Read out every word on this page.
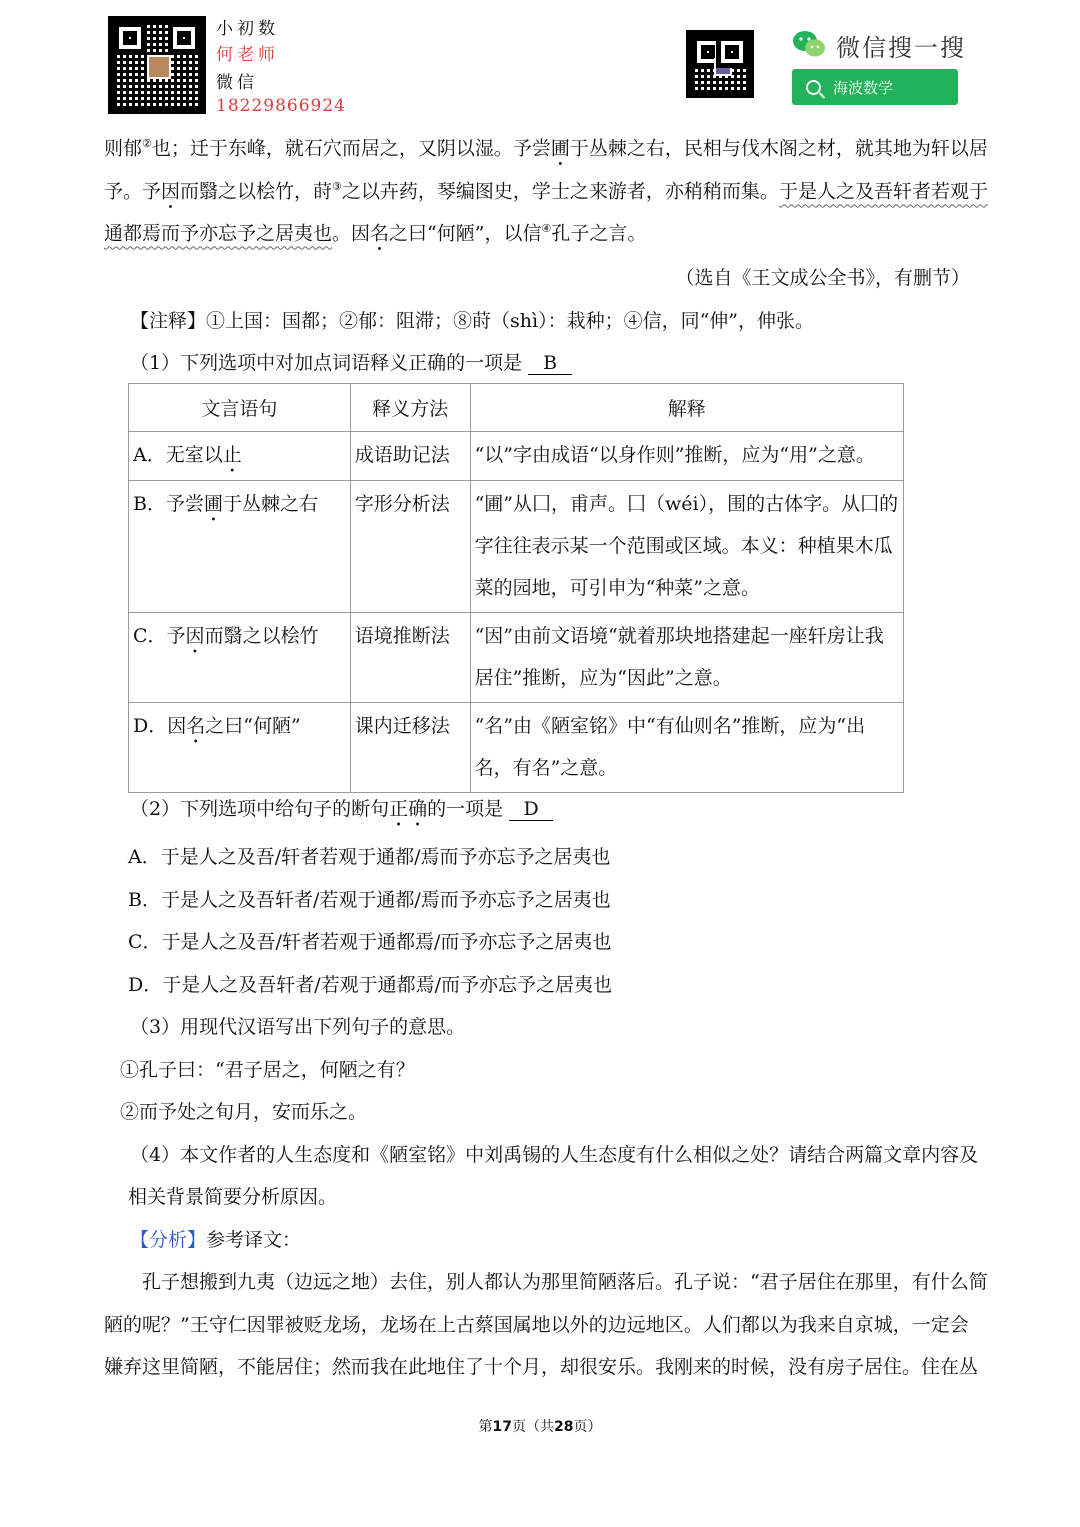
小初数
何老师
微信
18229866924
微信搜一搜
海波数学
则郁②也；迁于东峰，就石穴而居之，又阴以湿。予尝圃于丛棘之右，民相与伐木阁之材，就其地为轩以居
予。予因而翳之以桧竹，莳③之以卉药，琴编图史，学士之来游者，亦稍稍而集。于是人之及吾轩者若观于
通都焉而予亦忘予之居夷也。因名之曰“何陋”，以信④孔子之言。
（选自《王文成公全书》，有删节）
【注释】①上国：国都；②郁：阻滞；⑧莳（shì）：栽种；④信，同“伸”，伸张。
（1）下列选项中对加点词语释义正确的一项是 B
文言语句	释义方法	解释

A．无室以止	成语助记法	“以”字由成语“以身作则”推断，应为“用”之意。

B．予尝圃于丛棘之右	字形分析法	“圃”从囗，甫声。囗（wéi），围的古体字。从囗的字往往表示某一个范围或区域。本义：种植果木瓜菜的园地，可引申为“种菜”之意。

C．予因而翳之以桧竹	语境推断法	“因”由前文语境“就着那块地搭建起一座轩房让我居住”推断，应为“因此”之意。

D．因名之曰“何陋”	课内迁移法	“名”由《陋室铭》中“有仙则名”推断，应为“出名，有名”之意。
（2）下列选项中给句子的断句正确的一项是 D
A．于是人之及吾/轩者若观于通都/焉而予亦忘予之居夷也
B．于是人之及吾轩者/若观于通都/焉而予亦忘予之居夷也
C．于是人之及吾/轩者若观于通都焉/而予亦忘予之居夷也
D．于是人之及吾轩者/若观于通都焉/而予亦忘予之居夷也
（3）用现代汉语写出下列句子的意思。
①孔子曰：“君子居之，何陋之有？
②而予处之旬月，安而乐之。
（4）本文作者的人生态度和《陋室铭》中刘禹锡的人生态度有什么相似之处？请结合两篇文章内容及
相关背景简要分析原因。
【分析】参考译文：
孔子想搬到九夷（边远之地）去住，别人都认为那里简陋落后。孔子说：“君子居住在那里，有什么简
陋的呢？”王守仁因罪被贬龙场，龙场在上古蔡国属地以外的边远地区。人们都以为我来自京城，一定会
嫌弃这里简陋，不能居住；然而我在此地住了十个月，却很安乐。我刚来的时候，没有房子居住。住在丛
第17页（共28页）
